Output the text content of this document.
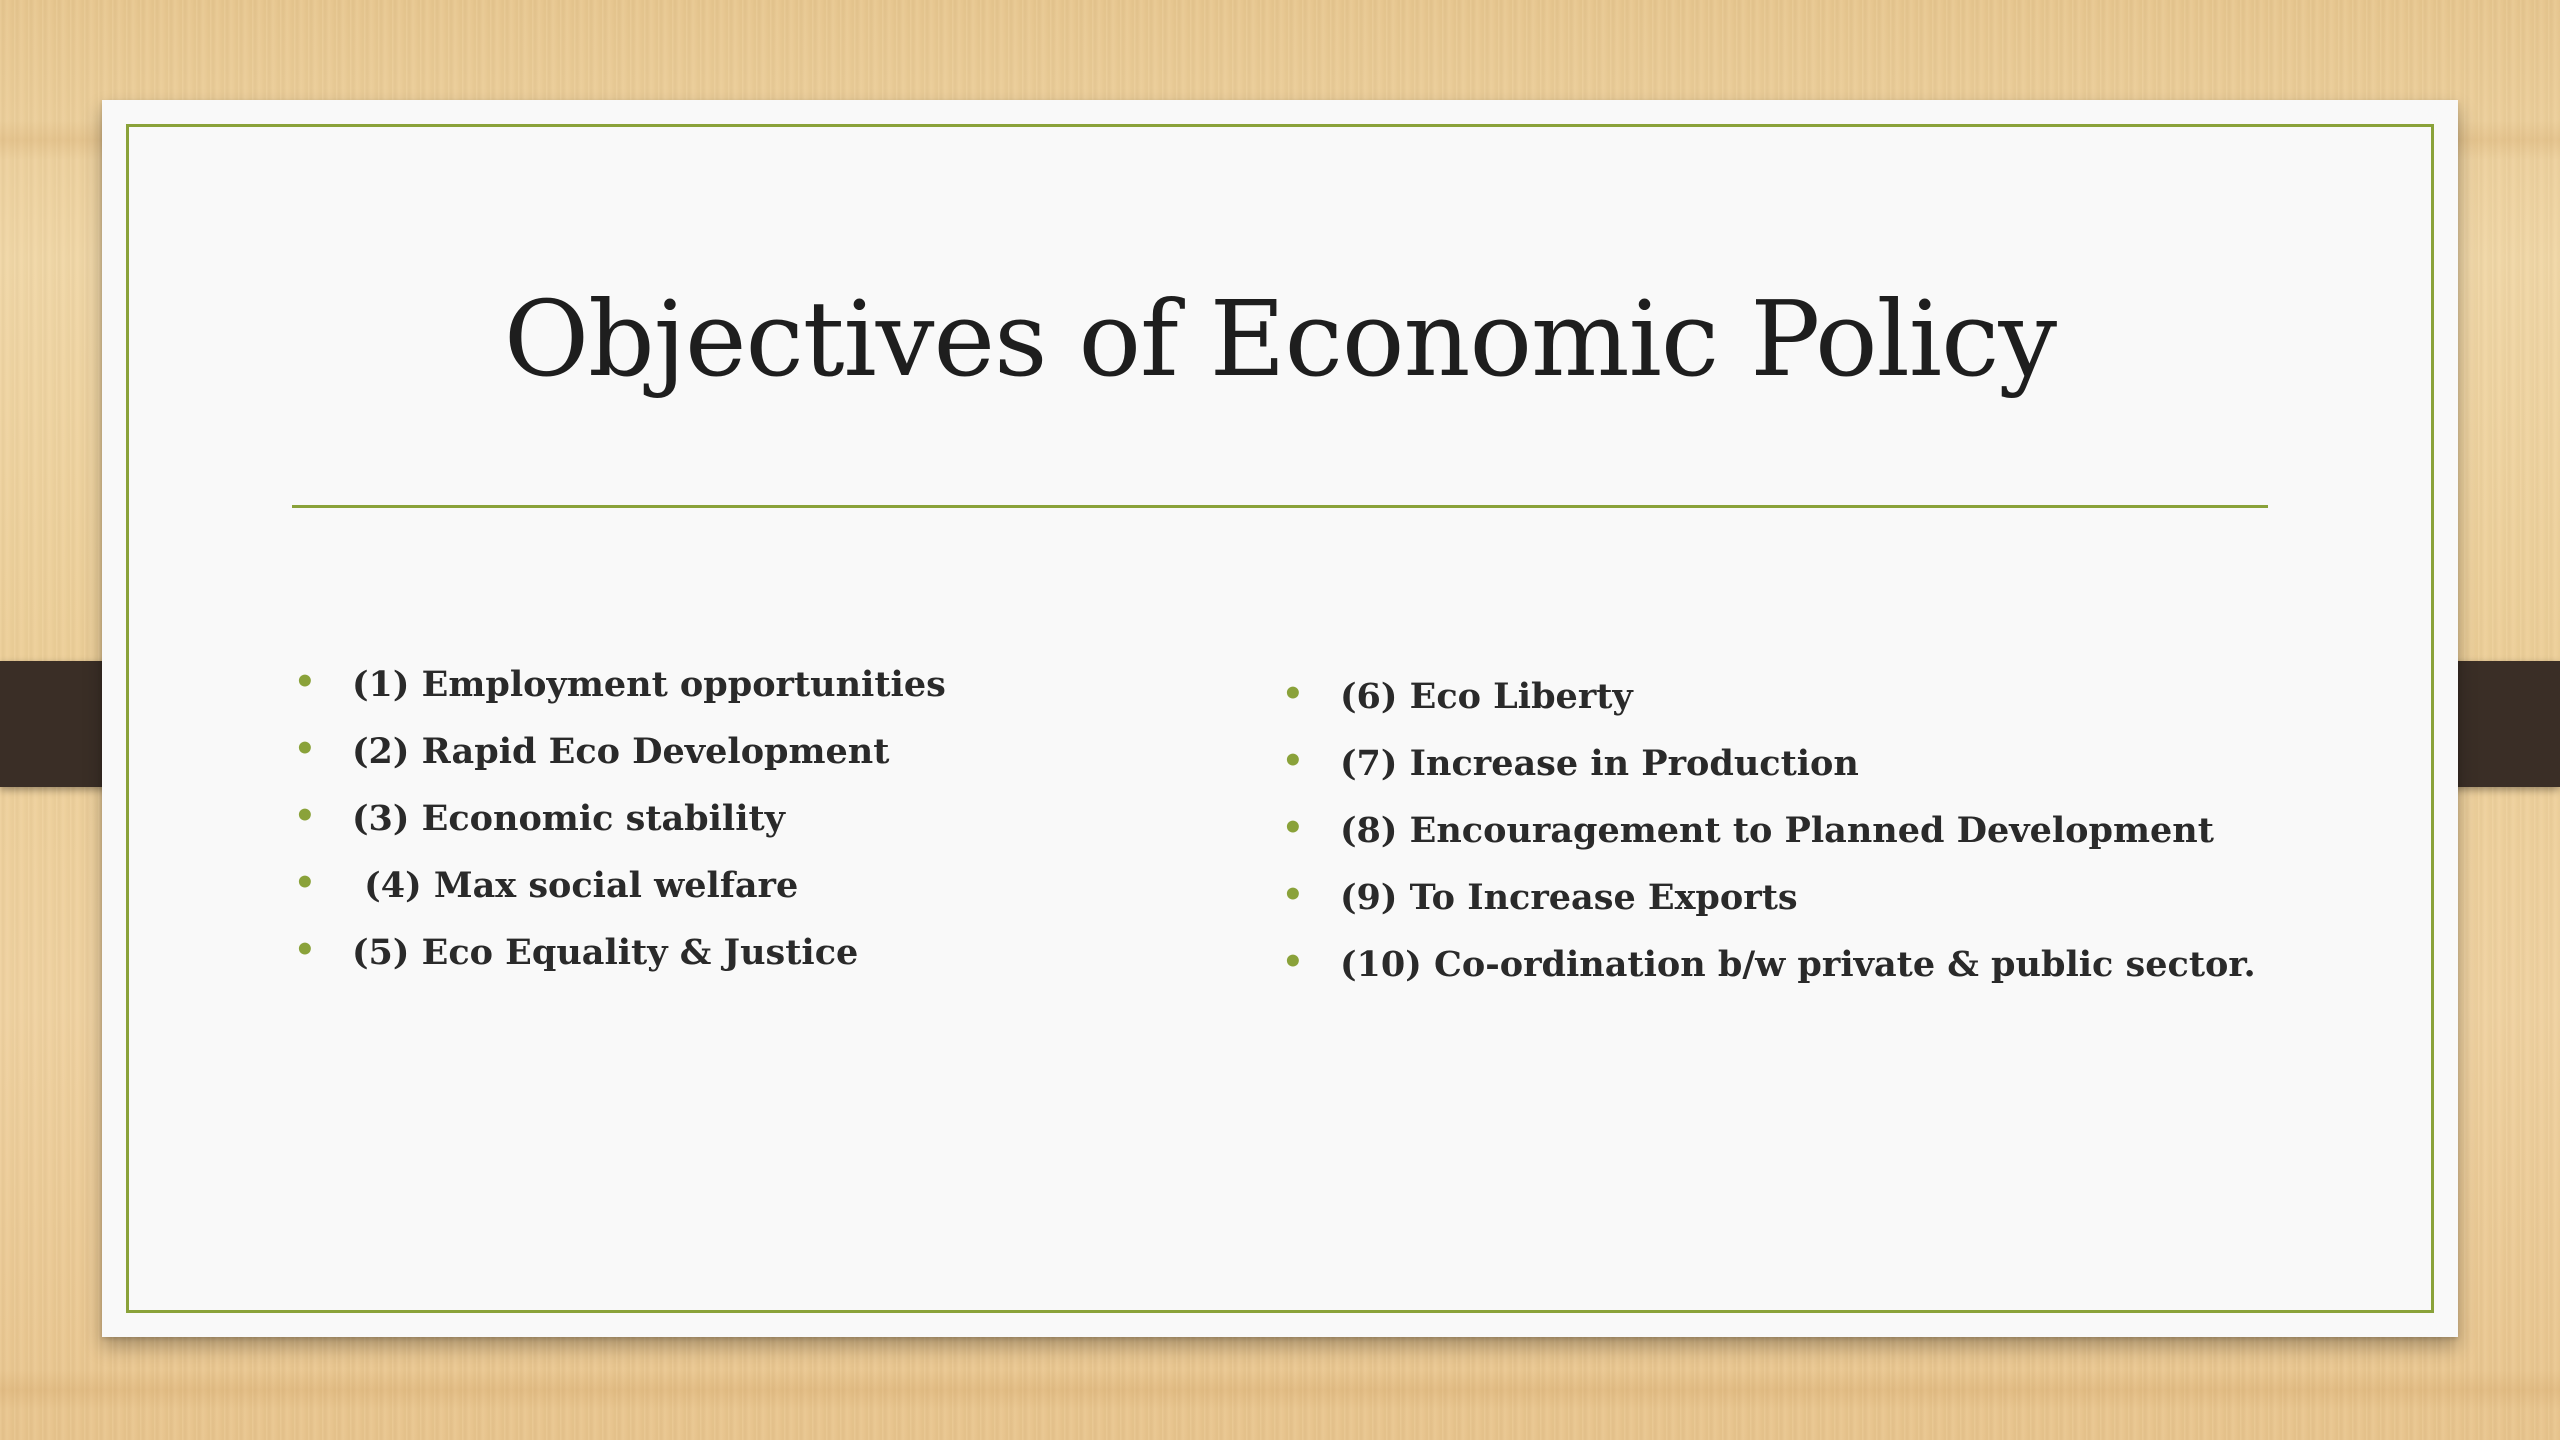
Objectives of Economic Policy
• (1) Employment opportunities
• (2) Rapid Eco Development
• (3) Economic stability
• (4) Max social welfare
• (5) Eco Equality & Justice
• (6) Eco Liberty
• (7) Increase in Production
• (8) Encouragement to Planned Development
• (9) To Increase Exports
• (10) Co-ordination b/w private & public sector.
